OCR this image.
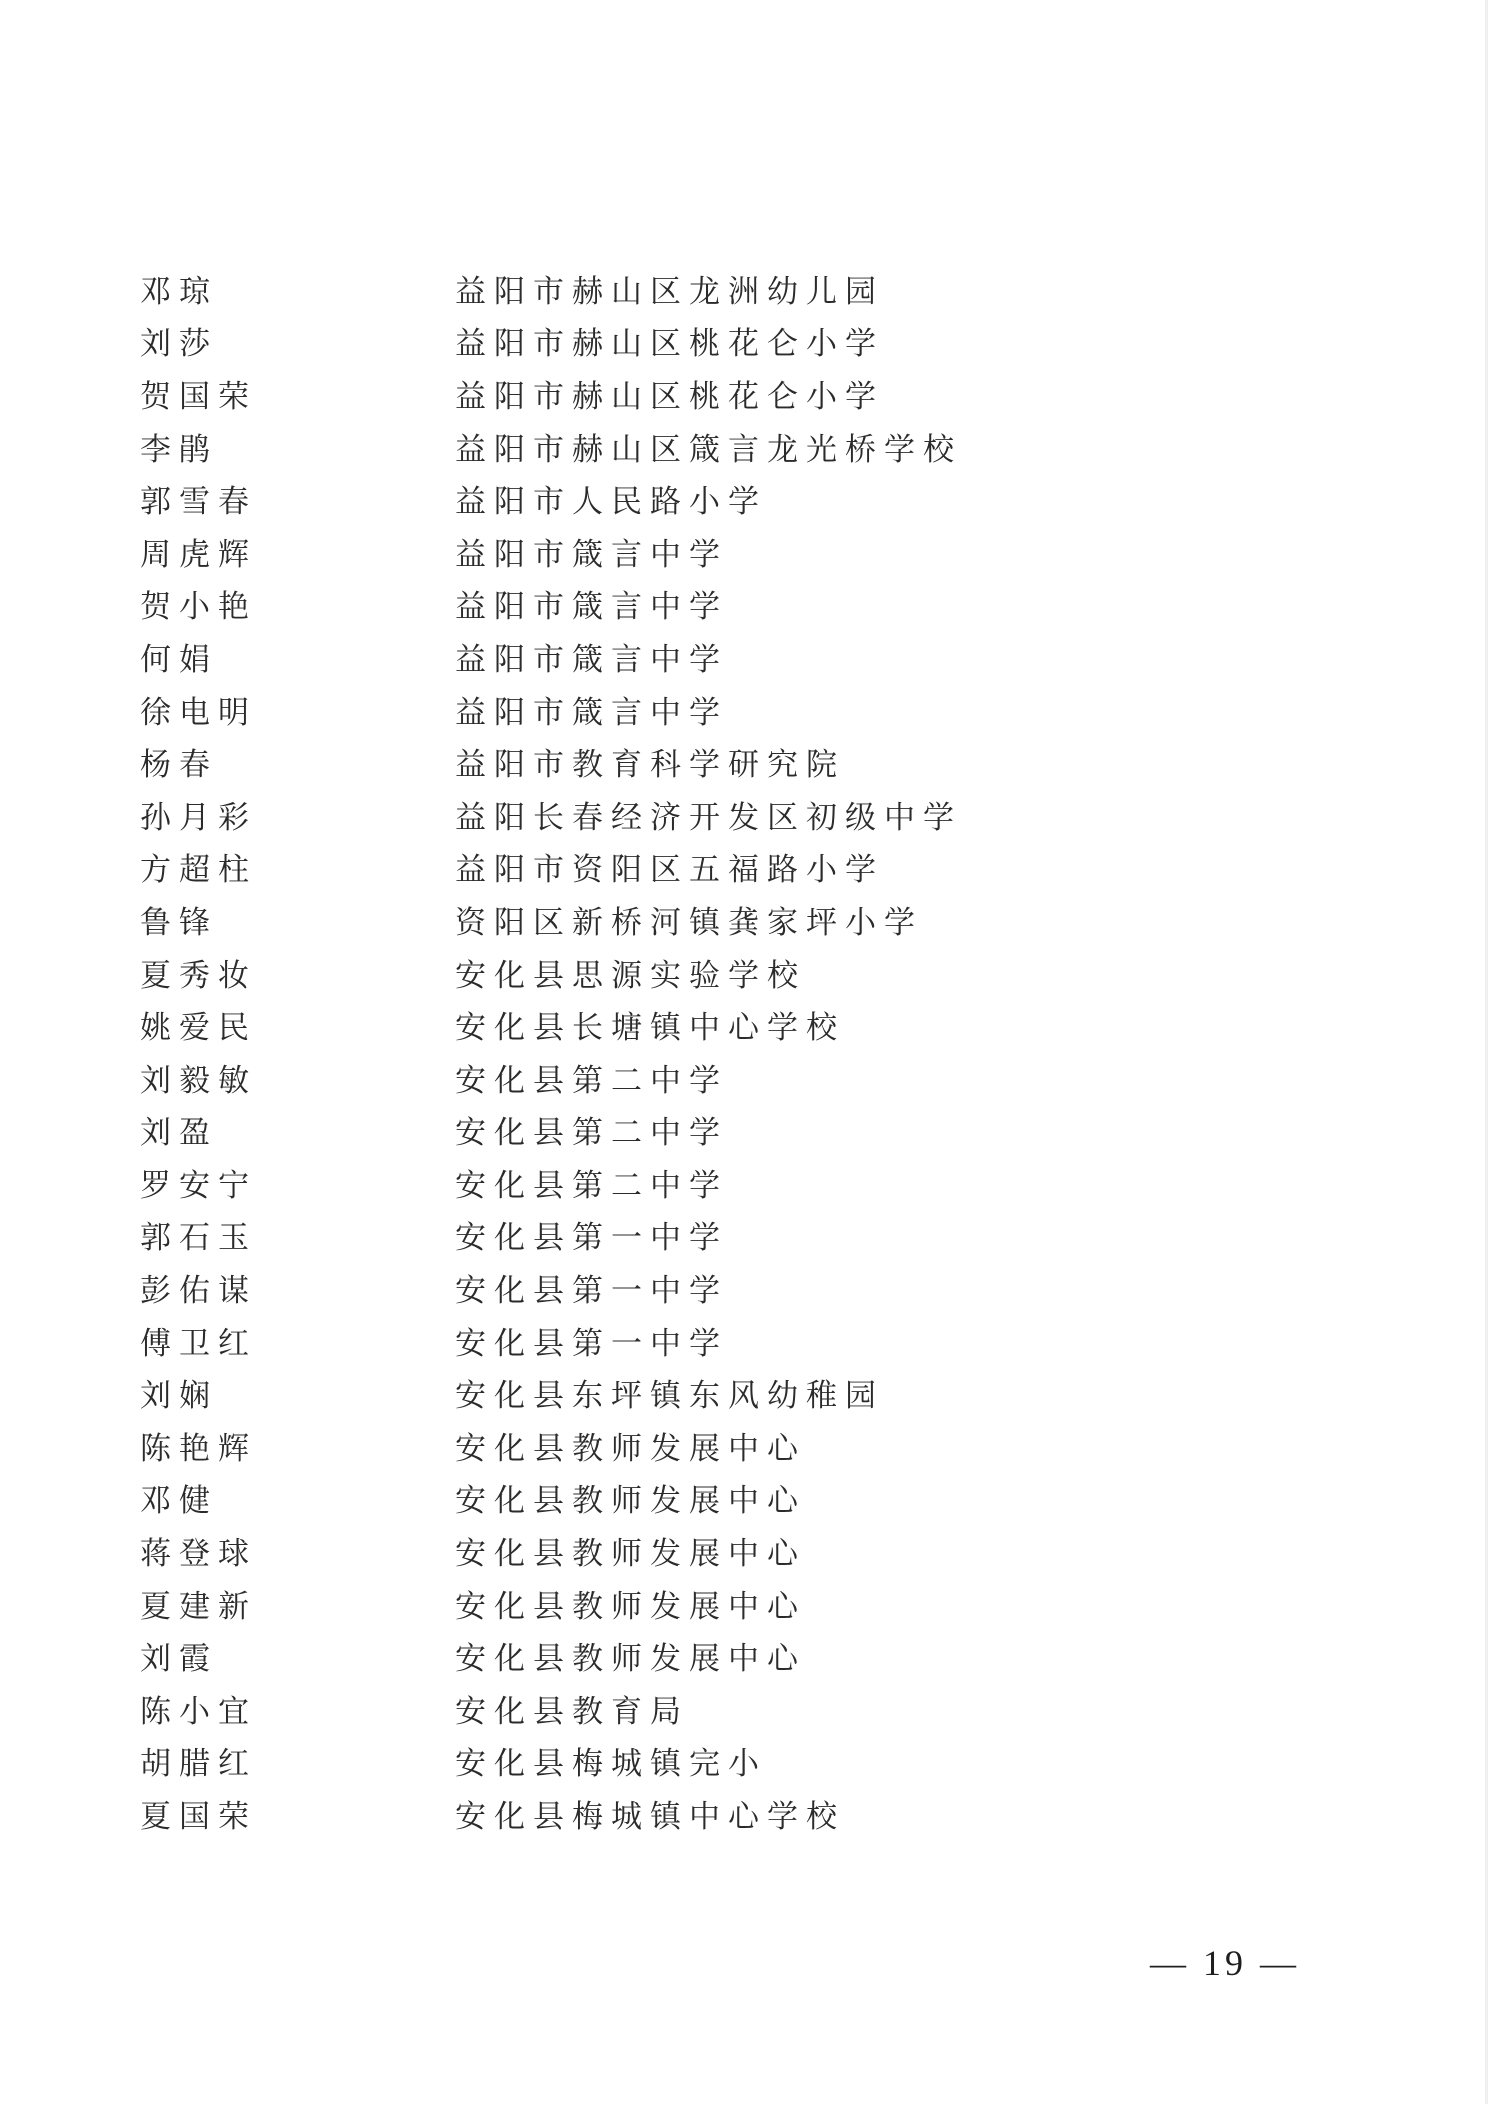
邓琼	益阳市赫山区龙洲幼儿园
刘莎	益阳市赫山区桃花仑小学
贺国荣	益阳市赫山区桃花仑小学
李鹃	益阳市赫山区箴言龙光桥学校
郭雪春	益阳市人民路小学
周虎辉	益阳市箴言中学
贺小艳	益阳市箴言中学
何娟	益阳市箴言中学
徐电明	益阳市箴言中学
杨春	益阳市教育科学研究院
孙月彩	益阳长春经济开发区初级中学
方超柱	益阳市资阳区五福路小学
鲁锋	资阳区新桥河镇龚家坪小学
夏秀妆	安化县思源实验学校
姚爱民	安化县长塘镇中心学校
刘毅敏	安化县第二中学
刘盈	安化县第二中学
罗安宁	安化县第二中学
郭石玉	安化县第一中学
彭佑谋	安化县第一中学
傅卫红	安化县第一中学
刘娴	安化县东坪镇东风幼稚园
陈艳辉	安化县教师发展中心
邓健	安化县教师发展中心
蒋登球	安化县教师发展中心
夏建新	安化县教师发展中心
刘霞	安化县教师发展中心
陈小宜	安化县教育局
胡腊红	安化县梅城镇完小
夏国荣	安化县梅城镇中心学校
— 19 —
